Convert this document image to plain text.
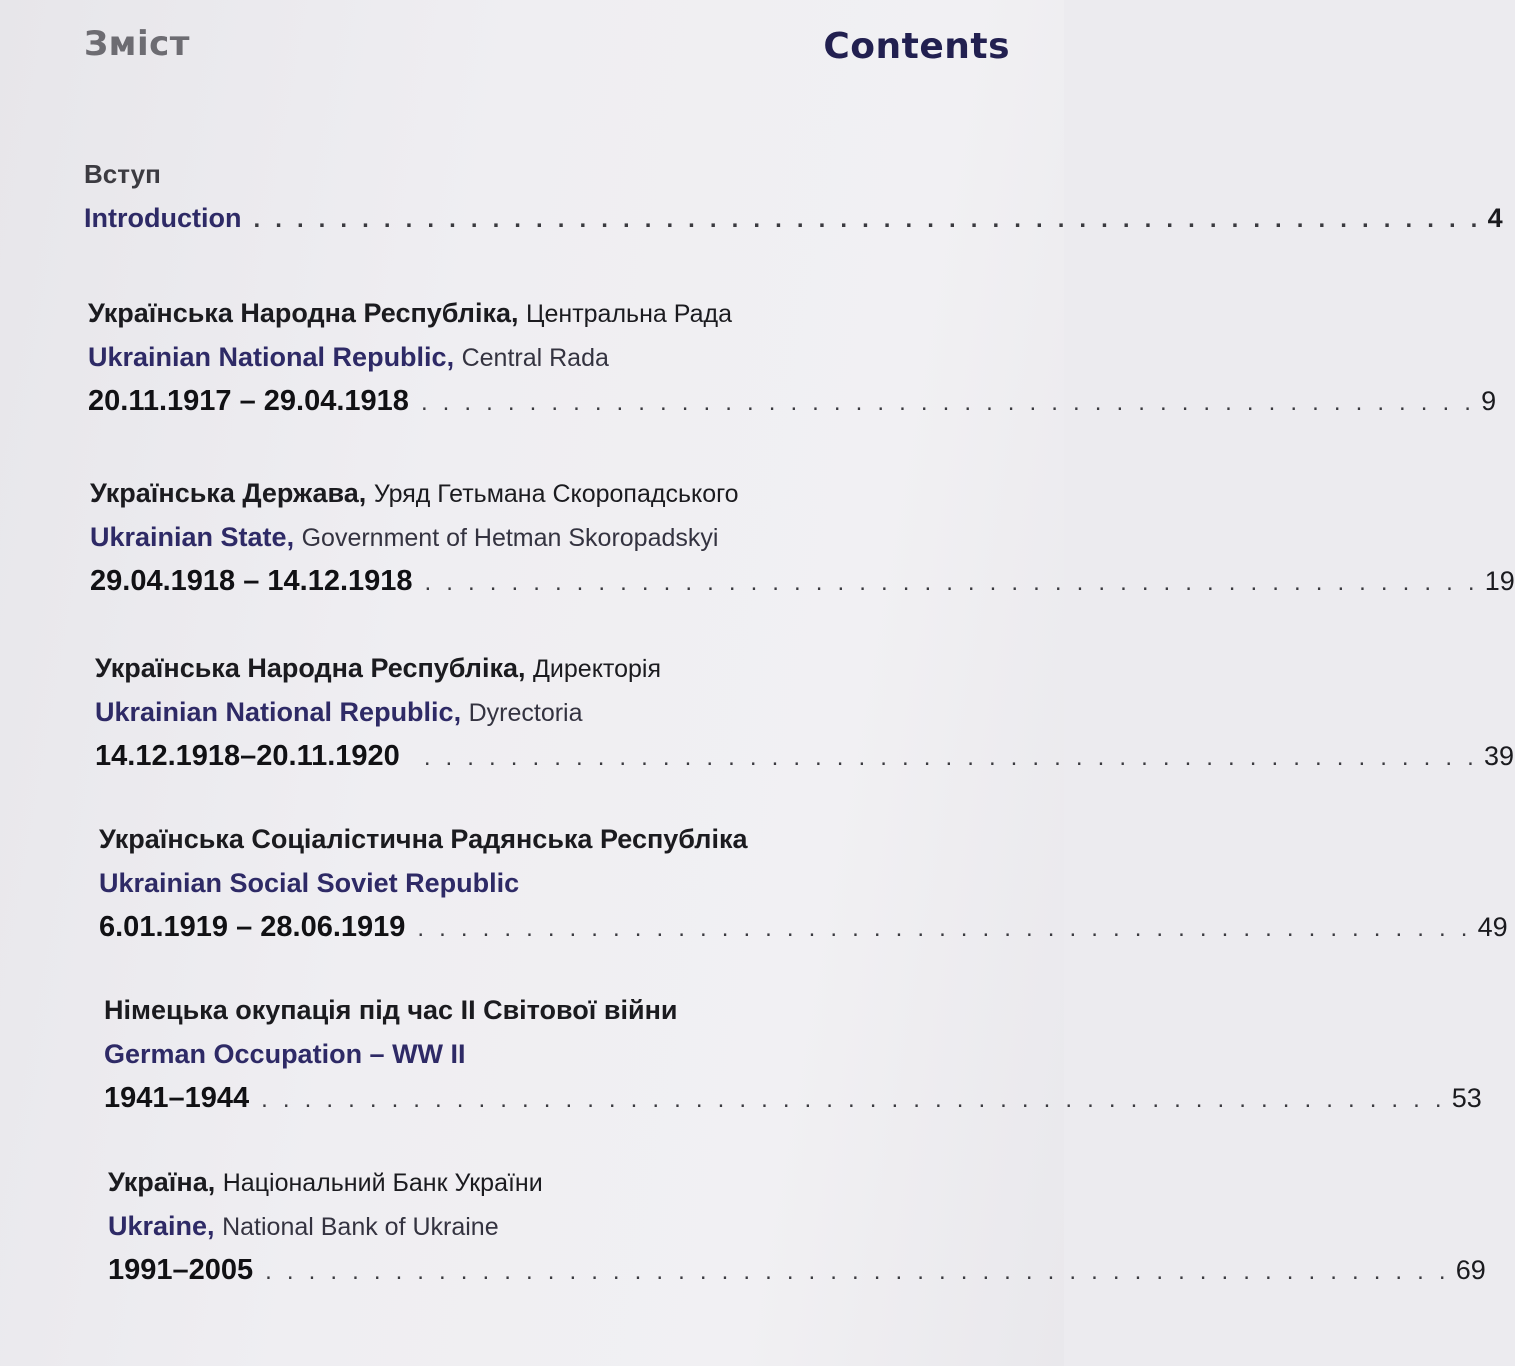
Зміст	Contents
Вступ
Introduction . . . . . . . . . . . . . . . . . . . . . . . . . . . . . . . . . . . . . . . . . . . . . . . . . . . . . . . . . 4
Українська Народна Республіка, Центральна Рада
Ukrainian National Republic, Central Rada
20.11.1917 – 29.04.1918 . . . . . . . . . . . . . . . . . . . . . . . . . . . . . . . . . . . . . . . . . . . . . . . . . 9
Українська Держава, Уряд Гетьмана Скоропадського
Ukrainian State, Government of Hetman Skoropadskyi
29.04.1918 – 14.12.1918 . . . . . . . . . . . . . . . . . . . . . . . . . . . . . . . . . . . . . . . . . . . . . . . . . 19
Українська Народна Республіка, Директорія
Ukrainian National Republic, Dyrectoria
14.12.1918–20.11.1920 . . . . . . . . . . . . . . . . . . . . . . . . . . . . . . . . . . . . . . . . . . . . . . . . . 39
Українська Соціалістична Радянська Республіка
Ukrainian Social Soviet Republic
6.01.1919 – 28.06.1919 . . . . . . . . . . . . . . . . . . . . . . . . . . . . . . . . . . . . . . . . . . . . . . . . . 49
Німецька окупація під час II Світової війни
German Occupation – WW II
1941–1944 . . . . . . . . . . . . . . . . . . . . . . . . . . . . . . . . . . . . . . . . . . . . . . . . . . . . . . . 53
Україна, Національний Банк України
Ukraine, National Bank of Ukraine
1991–2005 . . . . . . . . . . . . . . . . . . . . . . . . . . . . . . . . . . . . . . . . . . . . . . . . . . . . . . . 69
